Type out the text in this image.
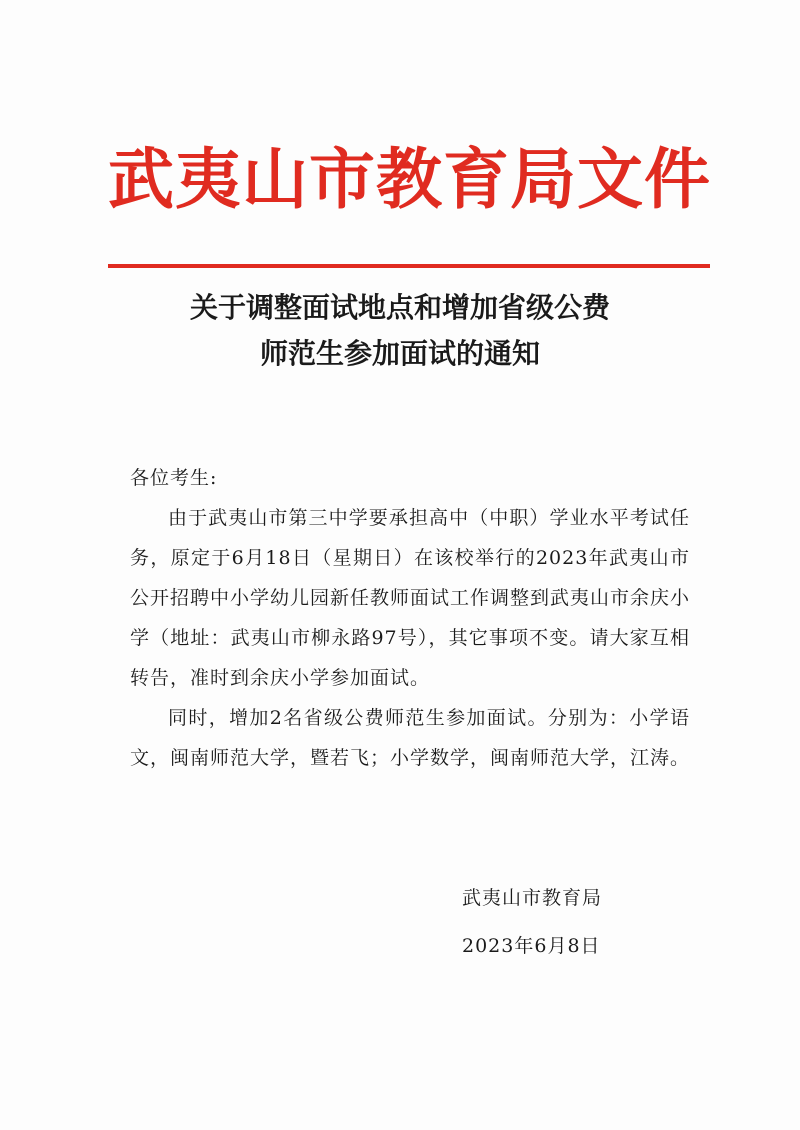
武夷山市教育局文件
关于调整面试地点和增加省级公费
师范生参加面试的通知

各位考生:

由于武夷山市第三中学要承担高中（中职）学业水平考试任务，原定于6月18日（星期日）在该校举行的2023年武夷山市公开招聘中小学幼儿园新任教师面试工作调整到武夷山市余庆小学（地址：武夷山市柳永路97号），其它事项不变。请大家互相转告，准时到余庆小学参加面试。

同时，增加2名省级公费师范生参加面试。分别为：小学语文，闽南师范大学，暨若飞；小学数学，闽南师范大学，江涛。

武夷山市教育局
2023年6月8日
